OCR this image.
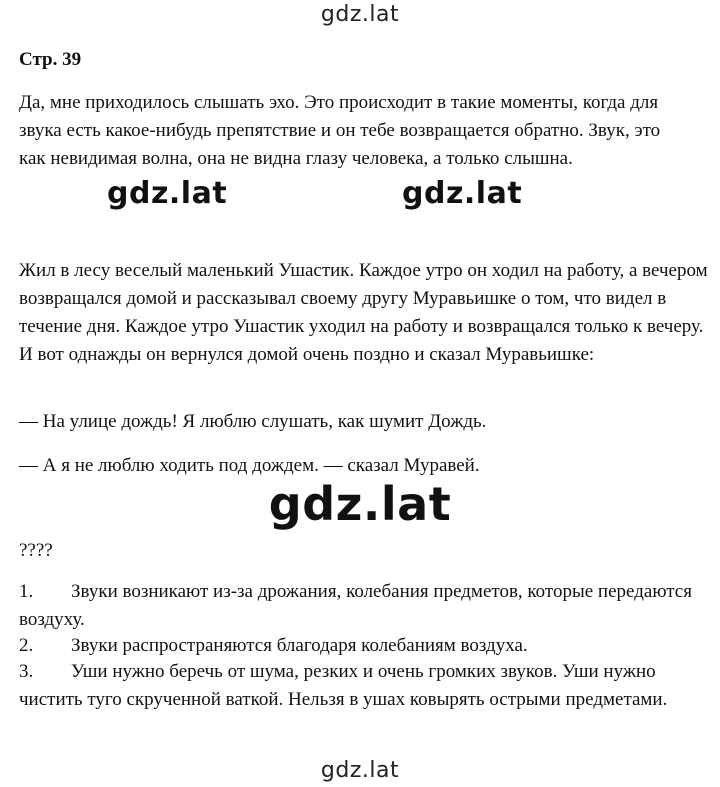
gdz.lat
Стр. 39

Да, мне приходилось слышать эхо. Это происходит в такие моменты, когда для звука есть какое-нибудь препятствие и он тебе возвращается обратно. Звук, это как невидимая волна, она не видна глазу человека, а только слышна.

gdz.lat	gdz.lat

Жил в лесу веселый маленький Ушастик. Каждое утро он ходил на работу, а вечером возвращался домой и рассказывал своему другу Муравьишке о том, что видел в течение дня. Каждое утро Ушастик уходил на работу и возвращался только к вечеру. И вот однажды он вернулся домой очень поздно и сказал Муравьишке:

— На улице дождь! Я люблю слушать, как шумит Дождь.
— А я не люблю ходить под дождем. — сказал Муравей.
gdz.lat
????
1. Звуки возникают из-за дрожания, колебания предметов, которые передаются воздуху.
2. Звуки распространяются благодаря колебаниям воздуха.
3. Уши нужно беречь от шума, резких и очень громких звуков. Уши нужно чистить туго скрученной ваткой. Нельзя в ушах ковырять острыми предметами.
gdz.lat
